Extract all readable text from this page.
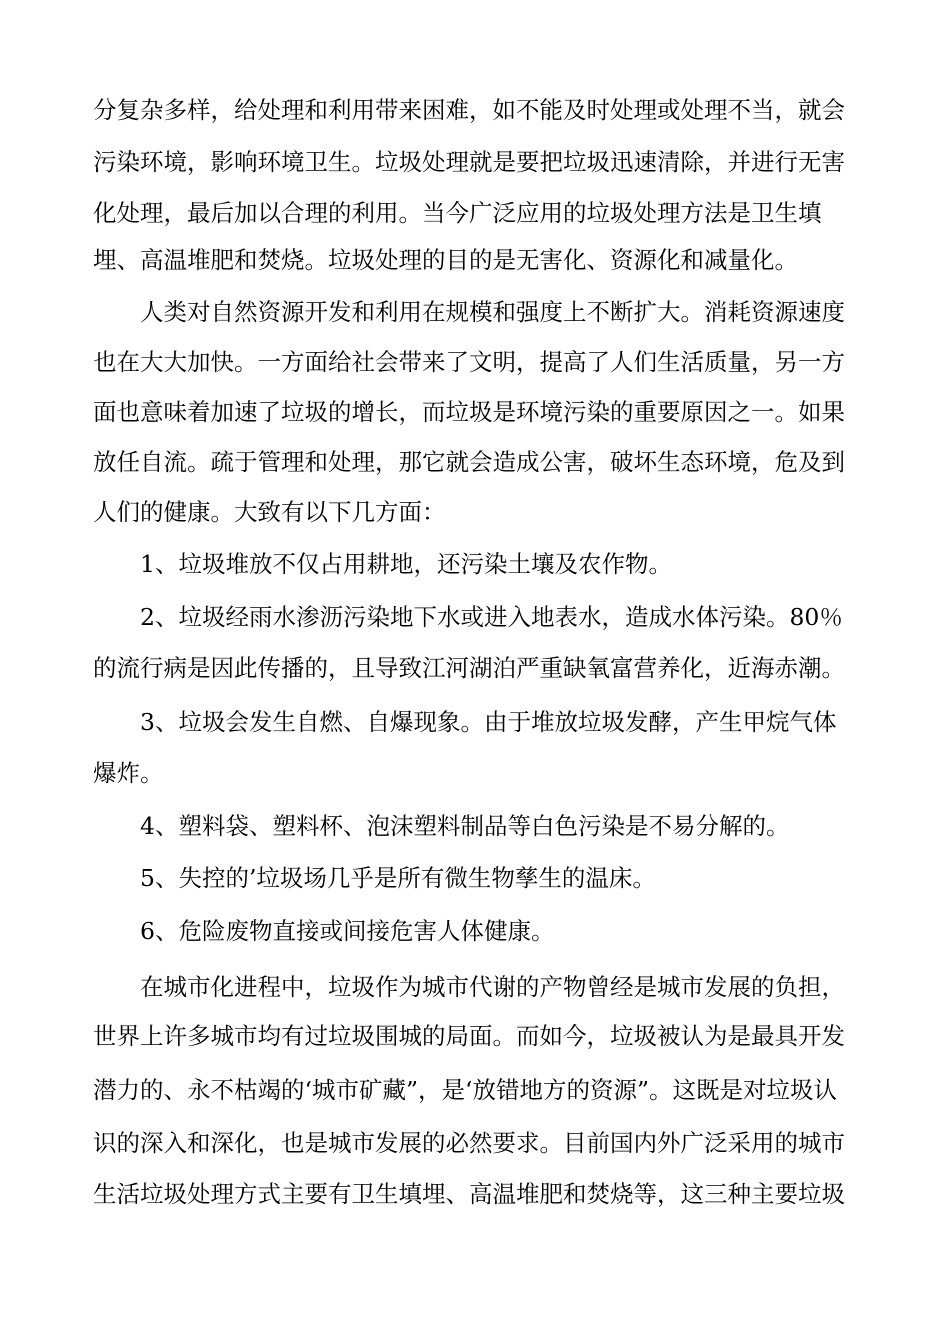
分复杂多样，给处理和利用带来困难，如不能及时处理或处理不当，就会
污染环境，影响环境卫生。垃圾处理就是要把垃圾迅速清除，并进行无害
化处理，最后加以合理的利用。当今广泛应用的垃圾处理方法是卫生填
埋、高温堆肥和焚烧。垃圾处理的目的是无害化、资源化和减量化。
人类对自然资源开发和利用在规模和强度上不断扩大。消耗资源速度
也在大大加快。一方面给社会带来了文明，提高了人们生活质量，另一方
面也意味着加速了垃圾的增长，而垃圾是环境污染的重要原因之一。如果
放任自流。疏于管理和处理，那它就会造成公害，破坏生态环境，危及到
人们的健康。大致有以下几方面：
1、垃圾堆放不仅占用耕地，还污染土壤及农作物。
2、垃圾经雨水渗沥污染地下水或进入地表水，造成水体污染。80％
的流行病是因此传播的，且导致江河湖泊严重缺氧富营养化，近海赤潮。
3、垃圾会发生自燃、自爆现象。由于堆放垃圾发酵，产生甲烷气体
爆炸。
4、塑料袋、塑料杯、泡沫塑料制品等白色污染是不易分解的。
5、失控的’垃圾场几乎是所有微生物孳生的温床。
6、危险废物直接或间接危害人体健康。
在城市化进程中，垃圾作为城市代谢的产物曾经是城市发展的负担，
世界上许多城市均有过垃圾围城的局面。而如今，垃圾被认为是最具开发
潜力的、永不枯竭的‘城市矿藏”，是‘放错地方的资源”。这既是对垃圾认
识的深入和深化，也是城市发展的必然要求。目前国内外广泛采用的城市
生活垃圾处理方式主要有卫生填埋、高温堆肥和焚烧等，这三种主要垃圾
